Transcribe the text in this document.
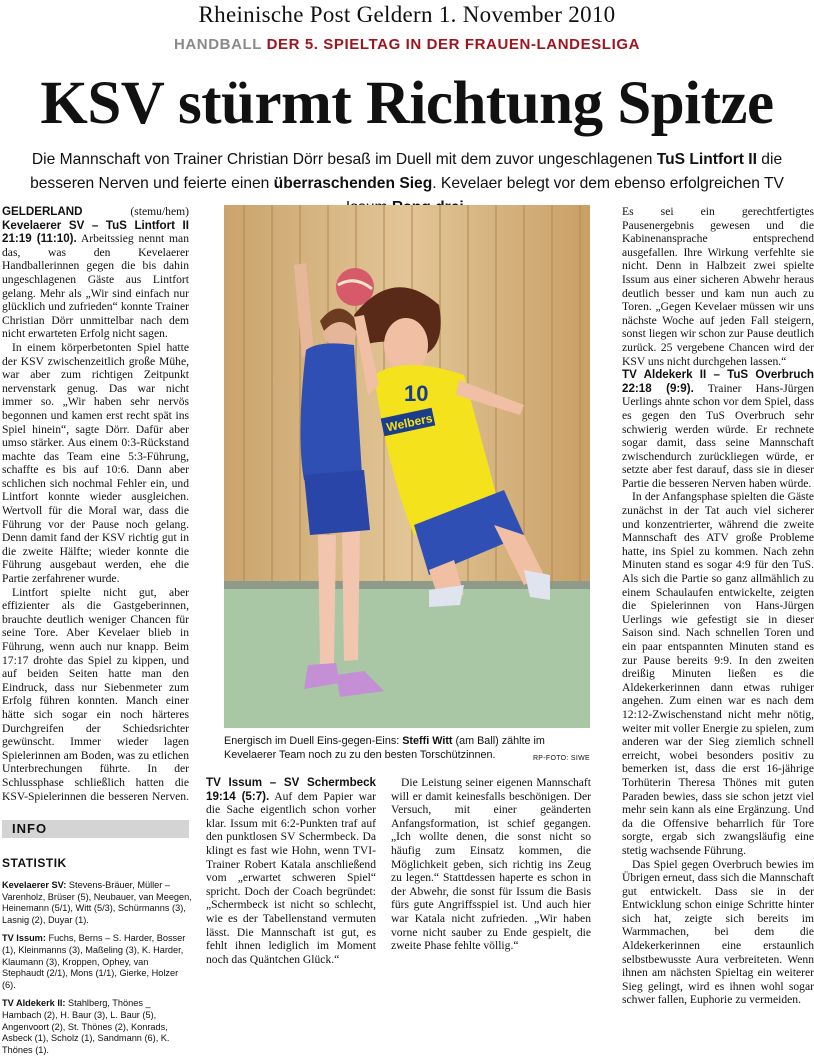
Rheinische Post Geldern 1. November 2010
HANDBALL DER 5. SPIELTAG IN DER FRAUEN-LANDESLIGA
KSV stürmt Richtung Spitze
Die Mannschaft von Trainer Christian Dörr besaß im Duell mit dem zuvor ungeschlagenen TuS Lintfort II die besseren Nerven und feierte einen überraschenden Sieg. Kevelaer belegt vor dem ebenso erfolgreichen TV

GELDERLAND (stemu/hem) Kevelaerer SV – TuS Lintfort II 21:19 (11:10). Arbeitssieg nennt man das, was den Kevelaerer Handballerinnen gegen die bis dahin ungeschlagenen Gäste aus Lintfort gelang. Mehr als „Wir sind einfach nur glücklich und zufrieden“ konnte Trainer Christian Dörr unmittelbar nach dem nicht erwarteten Erfolg nicht sagen.

In einem körperbetonten Spiel hatte der KSV zwischenzeitlich große Mühe, war aber zum richtigen Zeitpunkt nervenstark genug. Das war nicht immer so. „Wir haben sehr nervös begonnen und kamen erst recht spät ins Spiel hinein“, sagte Dörr. Dafür aber umso stärker. Aus einem 0:3-Rückstand machte das Team eine 5:3-Führung, schaffte es bis auf 10:6. Dann aber schlichen sich nochmal Fehler ein, und Lintfort konnte wieder ausgleichen. Wertvoll für die Moral war, dass die Führung vor der Pause noch gelang. Denn damit fand der KSV richtig gut in die zweite Hälfte; wieder konnte die Führung ausgebaut werden, ehe die Partie zerfahrener wurde.

Lintfort spielte nicht gut, aber effizienter als die Gastgeberinnen, brauchte deutlich weniger Chancen für seine Tore. Aber Kevelaer blieb in Führung, wenn auch nur knapp. Beim 17:17 drohte das Spiel zu kippen, und auf beiden Seiten hatte man den Eindruck, dass nur Siebenmeter zum Erfolg führen konnten. Manch einer hätte sich sogar ein noch härteres Durchgreifen der Schiedsrichter gewünscht. Immer wieder lagen Spielerinnen am Boden, was zu etlichen Unterbrechungen führte. In der Schlussphase schließlich hatten die KSV-Spielerinnen die besseren Nerven.

Welbers
10
Energisch im Duell Eins-gegen-Eins: Steffi Witt (am Ball) zählte im Kevelaerer Team noch zu zu den besten Torschützinnen.	RP-FOTO: SIWE

TV Issum – SV Schermbeck 19:14 (5:7). Auf dem Papier war die Sache eigentlich schon vorher klar. Issum mit 6:2-Punkten traf auf den punktlosen SV Schermbeck. Da klingt es fast wie Hohn, wenn TVI-Trainer Robert Katala anschließend vom „erwartet schweren Spiel“ spricht. Doch der Coach begründet: „Schermbeck ist nicht so schlecht, wie es der Tabellenstand vermuten lässt. Die Mannschaft ist gut, es fehlt ihnen lediglich im Moment noch das Quäntchen Glück.“

Die Leistung seiner eigenen Mannschaft will er damit keinesfalls beschönigen. Der Versuch, mit einer geänderten Anfangsformation, ist schief gegangen. „Ich wollte denen, die sonst nicht so häufig zum Einsatz kommen, die Möglichkeit geben, sich richtig ins Zeug zu legen.“ Stattdessen haperte es schon in der Abwehr, die sonst für Issum die Basis fürs gute Angriffsspiel ist. Und auch hier war Katala nicht zufrieden. „Wir haben vorne nicht sauber zu Ende gespielt, die zweite Phase fehlte völlig.“

Es sei ein gerechtfertigtes Pausenergebnis gewesen und die Kabinenansprache entsprechend ausgefallen. Ihre Wirkung verfehlte sie nicht. Denn in Halbzeit zwei spielte Issum aus einer sicheren Abwehr heraus deutlich besser und kam nun auch zu Toren. „Gegen Kevelaer müssen wir uns nächste Woche auf jeden Fall steigern, sonst liegen wir schon zur Pause deutlich zurück. 25 vergebene Chancen wird der KSV uns nicht durchgehen lassen.“

TV Aldekerk II – TuS Overbruch 22:18 (9:9). Trainer Hans-Jürgen Uerlings ahnte schon vor dem Spiel, dass es gegen den TuS Overbruch sehr schwierig werden würde. Er rechnete sogar damit, dass seine Mannschaft zwischendurch zurückliegen würde, er setzte aber fest darauf, dass sie in dieser Partie die besseren Nerven haben würde.

In der Anfangsphase spielten die Gäste zunächst in der Tat auch viel sicherer und konzentrierter, während die zweite Mannschaft des ATV große Probleme hatte, ins Spiel zu kommen. Nach zehn Minuten stand es sogar 4:9 für den TuS. Als sich die Partie so ganz allmählich zu einem Schaulaufen entwickelte, zeigten die Spielerinnen von Hans-Jürgen Uerlings wie gefestigt sie in dieser Saison sind. Nach schnellen Toren und ein paar entspannten Minuten stand es zur Pause bereits 9:9. In den zweiten dreißig Minuten ließen es die Aldekerkerinnen dann etwas ruhiger angehen. Zum einen war es nach dem 12:12-Zwischenstand nicht mehr nötig, weiter mit voller Energie zu spielen, zum anderen war der Sieg ziemlich schnell erreicht, wobei besonders positiv zu bemerken ist, dass die erst 16-jährige Torhüterin Theresa Thönes mit guten Paraden bewies, dass sie schon jetzt viel mehr sein kann als eine Ergänzung. Und da die Offensive beharrlich für Tore sorgte, ergab sich zwangsläufig eine stetig wachsende Führung.

Das Spiel gegen Overbruch bewies im Übrigen erneut, dass sich die Mannschaft gut entwickelt. Dass sie in der Entwicklung schon einige Schritte hinter sich hat, zeigte sich bereits im Warmmachen, bei dem die Aldekerkerinnen eine erstaunlich selbstbewusste Aura verbreiteten. Wenn ihnen am nächsten Spieltag ein weiterer Sieg gelingt, wird es ihnen wohl sogar schwer fallen, Euphorie zu vermeiden.

INFO
STATISTIK

Kevelaerer SV: Stevens-Bräuer, Müller – Varenholz, Brüser (5), Neubauer, van Meegen, Heinemann (5/1), Witt (5/3), Schürmanns (3), Lasnig (2), Duyar (1).

TV Issum: Fuchs, Berns – S. Harder, Bosser (1), Kleinmanns (3), Maßeling (3), K. Harder, Klaumann (3), Kroppen, Ophey, van Stephaudt (2/1), Mons (1/1), Gierke, Holzer (6).

TV Aldekerk II: Stahlberg, Thönes _ Hambach (2), H. Baur (3), L. Baur (5), Angenvoort (2), St. Thönes (2), Konrads, Asbeck (1), Scholz (1), Sandmann (6), K. Thönes (1).
